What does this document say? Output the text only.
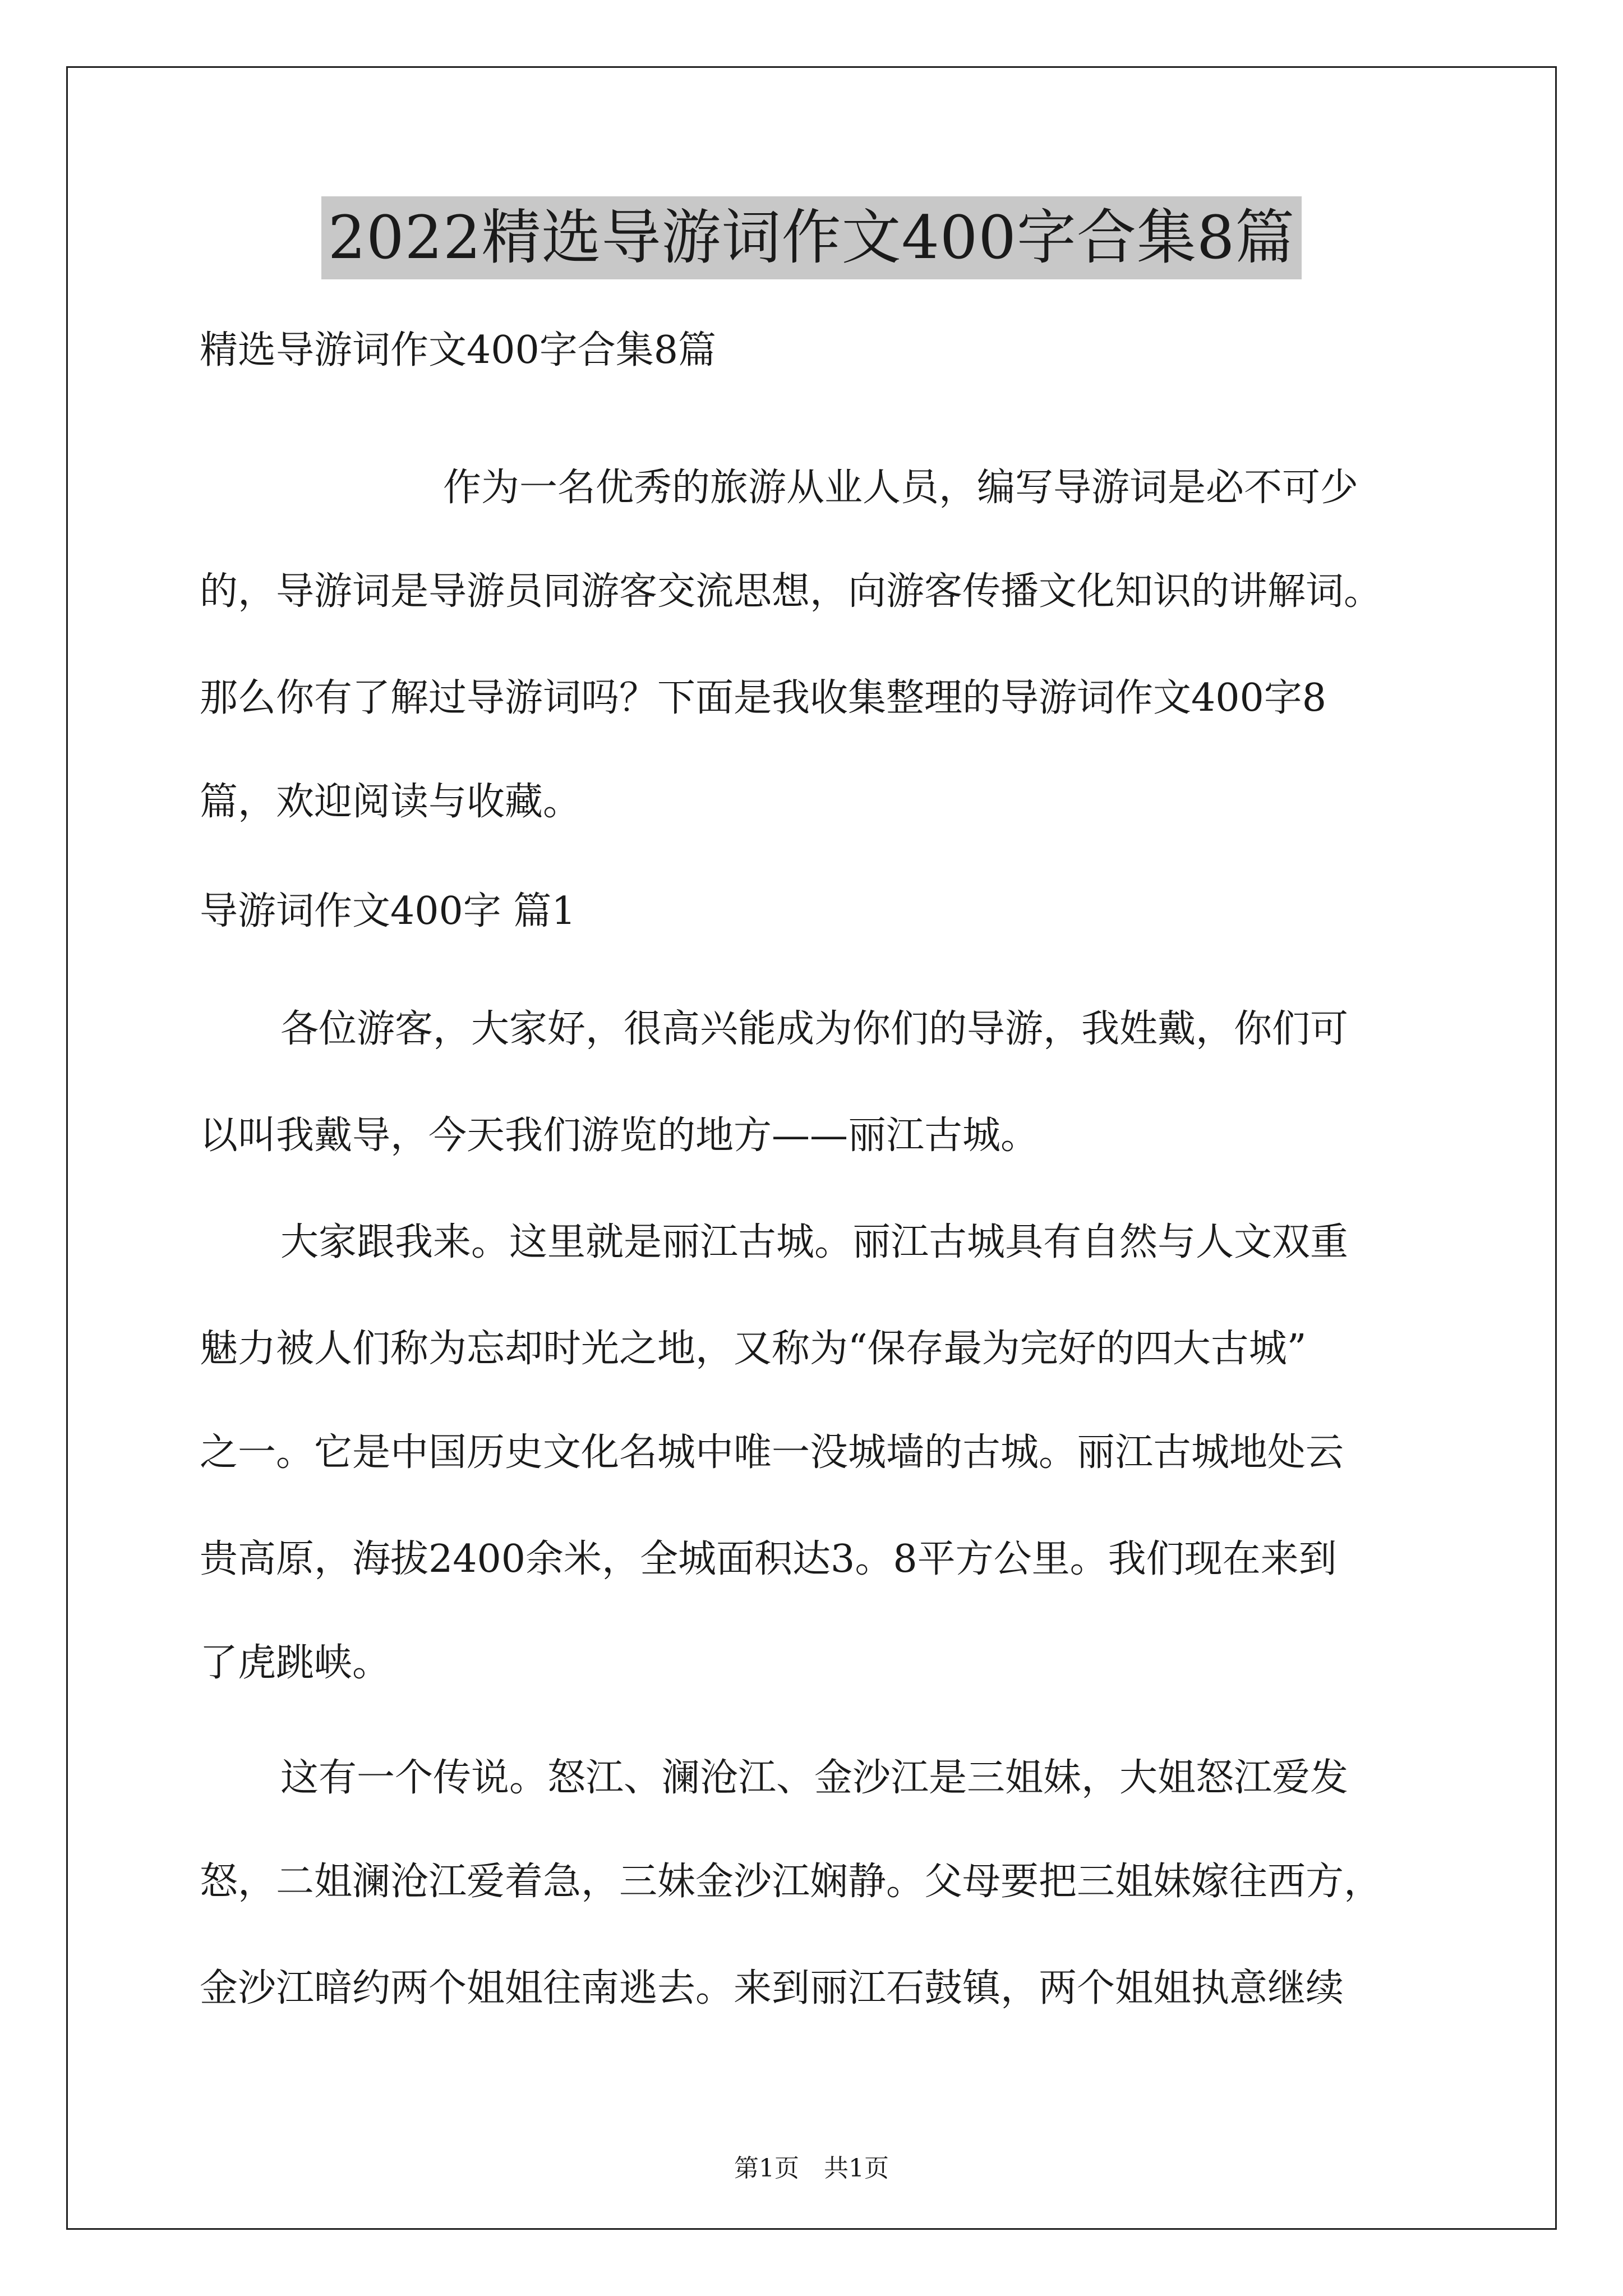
2022精选导游词作文400字合集8篇
精选导游词作文400字合集8篇
作为一名优秀的旅游从业人员，编写导游词是必不可少
的，导游词是导游员同游客交流思想，向游客传播文化知识的讲解词。
那么你有了解过导游词吗？下面是我收集整理的导游词作文400字8
篇，欢迎阅读与收藏。
导游词作文400字 篇1
各位游客，大家好，很高兴能成为你们的导游，我姓戴，你们可
以叫我戴导，今天我们游览的地方——丽江古城。
大家跟我来。这里就是丽江古城。丽江古城具有自然与人文双重
魅力被人们称为忘却时光之地，又称为“保存最为完好的四大古城”
之一。它是中国历史文化名城中唯一没城墙的古城。丽江古城地处云
贵高原，海拔2400余米，全城面积达3。8平方公里。我们现在来到
了虎跳峡。
这有一个传说。怒江、澜沧江、金沙江是三姐妹，大姐怒江爱发
怒，二姐澜沧江爱着急，三妹金沙江娴静。父母要把三姐妹嫁往西方，
金沙江暗约两个姐姐往南逃去。来到丽江石鼓镇，两个姐姐执意继续
第1页　共1页
